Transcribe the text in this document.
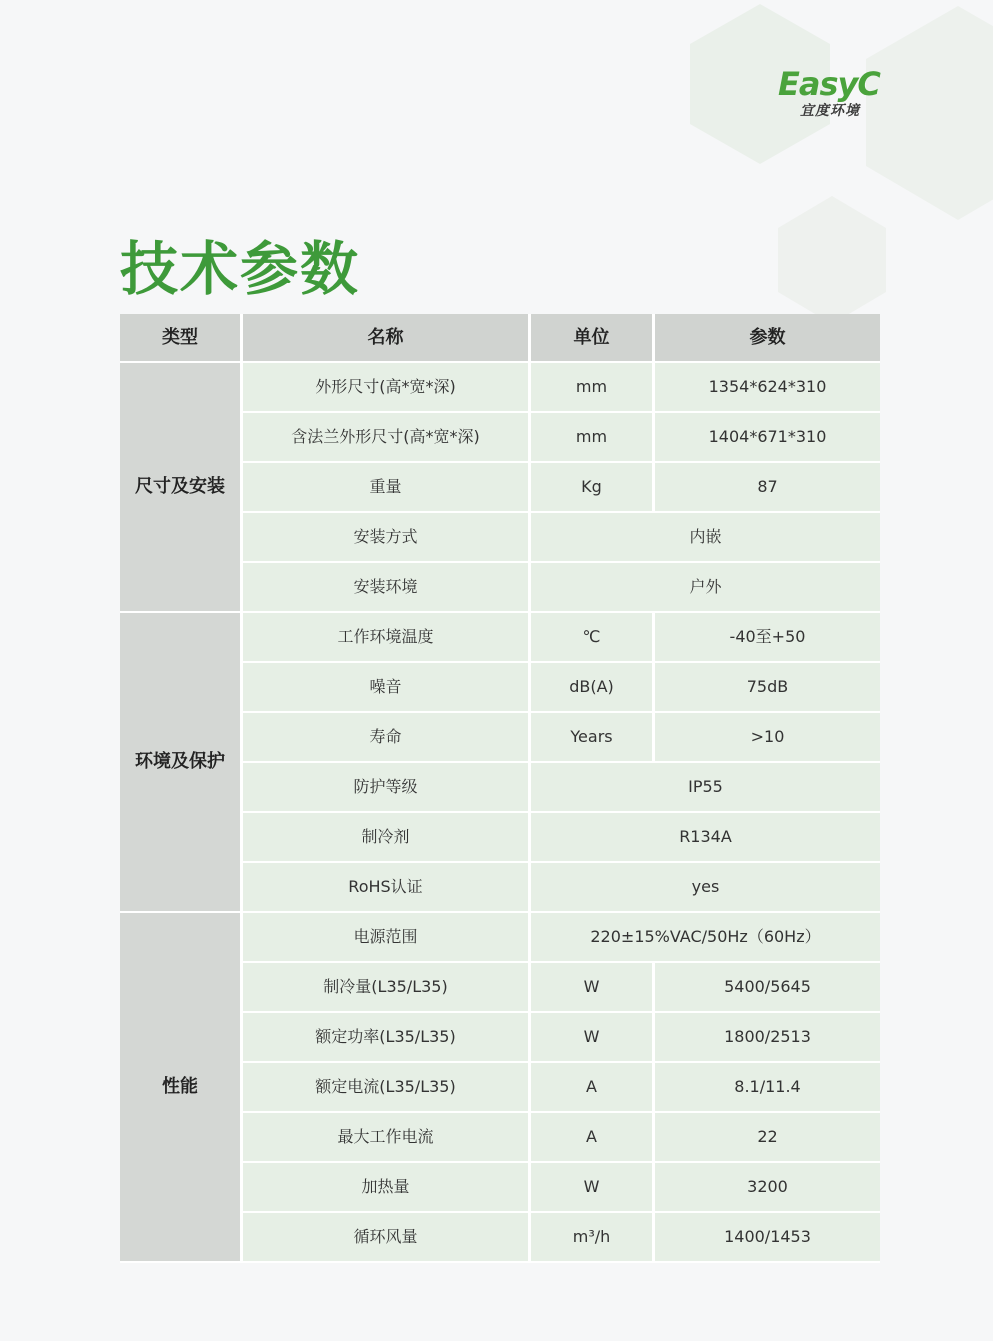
EasyC
宜度环境
技术参数
类型	名称	单位	参数
尺寸及安装	外形尺寸(高*宽*深)	mm	1354*624*310
	含法兰外形尺寸(高*宽*深)	mm	1404*671*310
	重量	Kg	87
	安装方式	内嵌	
	安装环境	户外	
环境及保护	工作环境温度	℃	-40至+50
	噪音	dB(A)	75dB
	寿命	Years	>10
	防护等级	IP55	
	制冷剂	R134A	
	RoHS认证	yes	
性能	电源范围	220±15%VAC/50Hz（60Hz）	
	制冷量(L35/L35)	W	5400/5645
	额定功率(L35/L35)	W	1800/2513
	额定电流(L35/L35)	A	8.1/11.4
	最大工作电流	A	22
	加热量	W	3200
	循环风量	m³/h	1400/1453
